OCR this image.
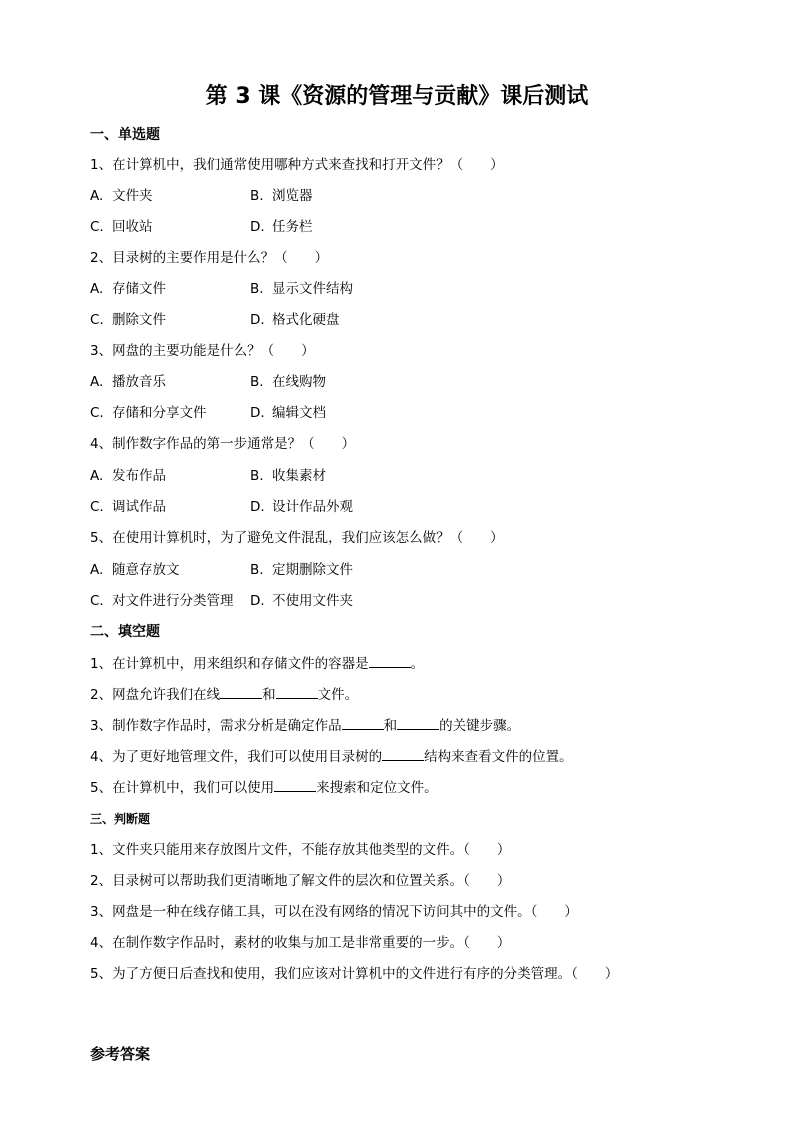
第 3 课《资源的管理与贡献》课后测试
一、单选题
1、在计算机中，我们通常使用哪种方式来查找和打开文件？（　　）
A. 文件夹	B. 浏览器
C. 回收站	D. 任务栏
2、目录树的主要作用是什么？（　　）
A. 存储文件	B. 显示文件结构
C. 删除文件	D. 格式化硬盘
3、网盘的主要功能是什么？（　　）
A. 播放音乐	B. 在线购物
C. 存储和分享文件	D. 编辑文档
4、制作数字作品的第一步通常是？（　　）
A. 发布作品	B. 收集素材
C. 调试作品	D. 设计作品外观
5、在使用计算机时，为了避免文件混乱，我们应该怎么做？（　　）
A. 随意存放文	B. 定期删除文件
C. 对文件进行分类管理 D. 不使用文件夹
二、填空题
1、在计算机中，用来组织和存储文件的容器是	。
2、网盘允许我们在线	和	文件。
3、制作数字作品时，需求分析是确定作品	和	的关键步骤。
4、为了更好地管理文件，我们可以使用目录树的	结构来查看文件的位置。
5、在计算机中，我们可以使用	来搜索和定位文件。
三、判断题
1、文件夹只能用来存放图片文件，不能存放其他类型的文件。（　　）
2、目录树可以帮助我们更清晰地了解文件的层次和位置关系。（　　）
3、网盘是一种在线存储工具，可以在没有网络的情况下访问其中的文件。（　　）
4、在制作数字作品时，素材的收集与加工是非常重要的一步。（　　）
5、为了方便日后查找和使用，我们应该对计算机中的文件进行有序的分类管理。（　　）
参考答案
